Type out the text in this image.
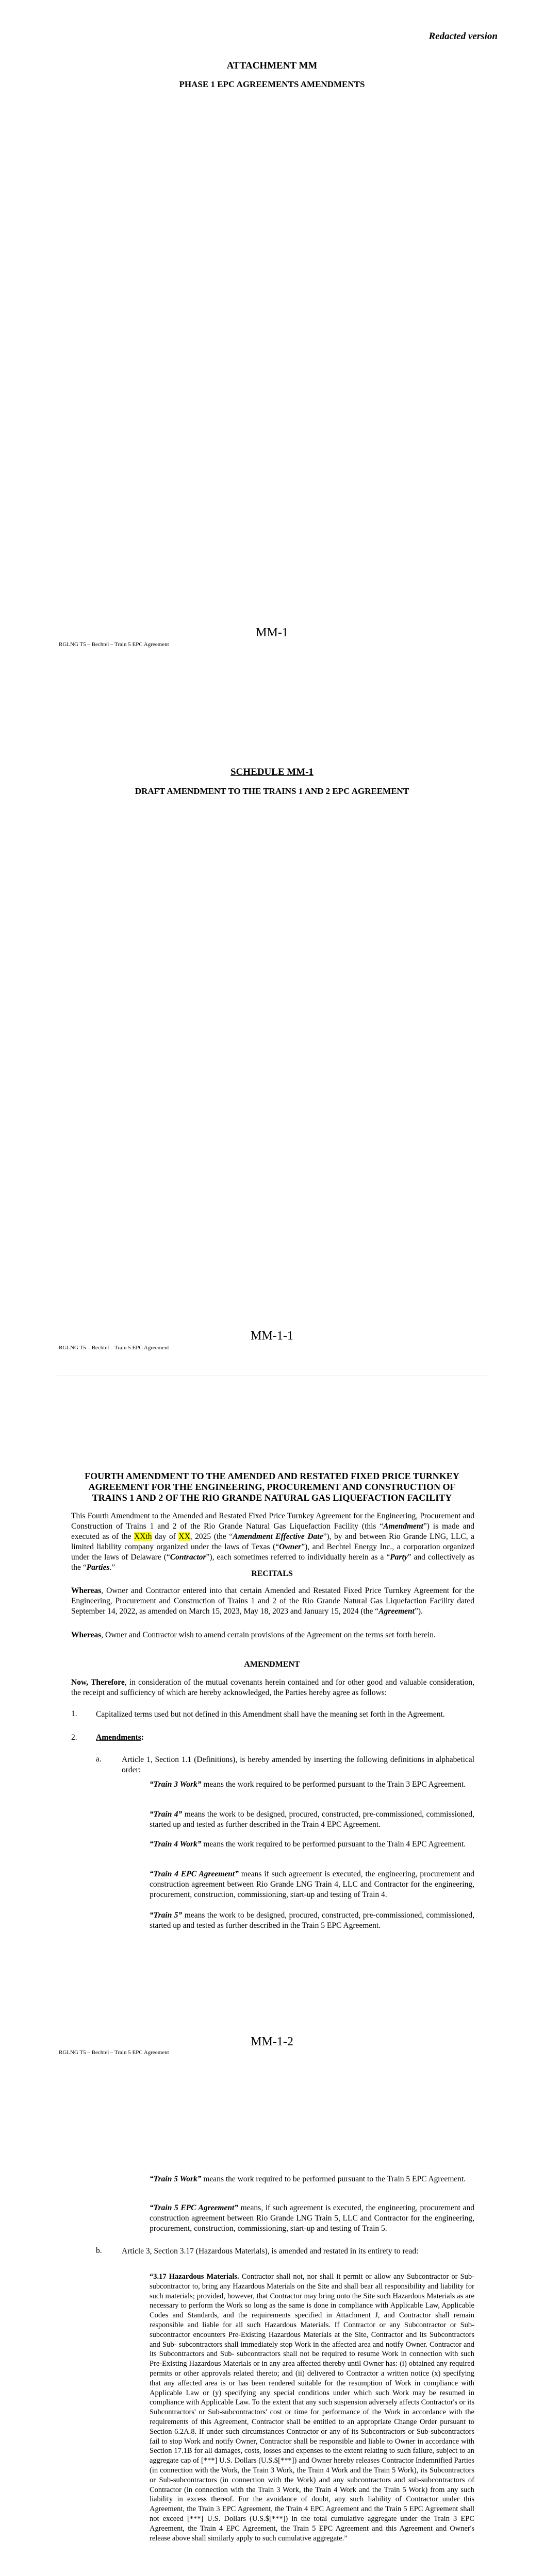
Redacted version
ATTACHMENT MM
PHASE 1 EPC AGREEMENTS AMENDMENTS
MM-1
RGLNG T5 – Bechtel – Train 5 EPC Agreement
SCHEDULE MM-1
DRAFT AMENDMENT TO THE TRAINS 1 AND 2 EPC AGREEMENT
MM-1-1
RGLNG T5 – Bechtel – Train 5 EPC Agreement
FOURTH AMENDMENT TO THE AMENDED AND RESTATED FIXED PRICE TURNKEY
AGREEMENT FOR THE ENGINEERING, PROCUREMENT AND CONSTRUCTION OF
TRAINS 1 AND 2 OF THE RIO GRANDE NATURAL GAS LIQUEFACTION FACILITY
This Fourth Amendment to the Amended and Restated Fixed Price Turnkey Agreement for the Engineering, Procurement and Construction of Trains 1 and 2 of the Rio Grande Natural Gas Liquefaction Facility (this “Amendment”) is made and executed as of the XXth day of XX, 2025 (the “Amendment Effective Date”), by and between Rio Grande LNG, LLC, a limited liability company organized under the laws of Texas (“Owner”), and Bechtel Energy Inc., a corporation organized under the laws of Delaware (“Contractor”), each sometimes referred to individually herein as a “Party” and collectively as the “Parties.”
RECITALS
Whereas, Owner and Contractor entered into that certain Amended and Restated Fixed Price Turnkey Agreement for the Engineering, Procurement and Construction of Trains 1 and 2 of the Rio Grande Natural Gas Liquefaction Facility dated September 14, 2022, as amended on March 15, 2023, May 18, 2023 and January 15, 2024 (the “Agreement”).
Whereas, Owner and Contractor wish to amend certain provisions of the Agreement on the terms set forth herein.
AMENDMENT
Now, Therefore, in consideration of the mutual covenants herein contained and for other good and valuable consideration, the receipt and sufficiency of which are hereby acknowledged, the Parties hereby agree as follows:
1. Capitalized terms used but not defined in this Amendment shall have the meaning set forth in the Agreement.
2. Amendments:
a.	Article 1, Section 1.1 (Definitions), is hereby amended by inserting the following definitions in alphabetical order:
“Train 3 Work” means the work required to be performed pursuant to the Train 3 EPC Agreement.
“Train 4” means the work to be designed, procured, constructed, pre-commissioned, commissioned, started up and tested as further described in the Train 4 EPC Agreement.
“Train 4 Work” means the work required to be performed pursuant to the Train 4 EPC Agreement.
“Train 4 EPC Agreement” means if such agreement is executed, the engineering, procurement and construction agreement between Rio Grande LNG Train 4, LLC and Contractor for the engineering, procurement, construction, commissioning, start-up and testing of Train 4.
“Train 5” means the work to be designed, procured, constructed, pre-commissioned, commissioned, started up and tested as further described in the Train 5 EPC Agreement.
MM-1-2
RGLNG T5 – Bechtel – Train 5 EPC Agreement
“Train 5 Work” means the work required to be performed pursuant to the Train 5 EPC Agreement.
“Train 5 EPC Agreement” means, if such agreement is executed, the engineering, procurement and construction agreement between Rio Grande LNG Train 5, LLC and Contractor for the engineering, procurement, construction, commissioning, start-up and testing of Train 5.
b. Article 3, Section 3.17 (Hazardous Materials), is amended and restated in its entirety to read:
“3.17 Hazardous Materials. Contractor shall not, nor shall it permit or allow any Subcontractor or Sub-subcontractor to, bring any Hazardous Materials on the Site and shall bear all responsibility and liability for such materials; provided, however, that Contractor may bring onto the Site such Hazardous Materials as are necessary to perform the Work so long as the same is done in compliance with Applicable Law, Applicable Codes and Standards, and the requirements specified in Attachment J, and Contractor shall remain responsible and liable for all such Hazardous Materials. If Contractor or any Subcontractor or Sub-subcontractor encounters Pre-Existing Hazardous Materials at the Site, Contractor and its Subcontractors and Sub- subcontractors shall immediately stop Work in the affected area and notify Owner. Contractor and its Subcontractors and Sub- subcontractors shall not be required to resume Work in connection with such Pre-Existing Hazardous Materials or in any area affected thereby until Owner has: (i) obtained any required permits or other approvals related thereto; and (ii) delivered to Contractor a written notice (x) specifying that any affected area is or has been rendered suitable for the resumption of Work in compliance with Applicable Law or (y) specifying any special conditions under which such Work may be resumed in compliance with Applicable Law. To the extent that any such suspension adversely affects Contractor's or its Subcontractors' or Sub-subcontractors' cost or time for performance of the Work in accordance with the requirements of this Agreement, Contractor shall be entitled to an appropriate Change Order pursuant to Section 6.2A.8. If under such circumstances Contractor or any of its Subcontractors or Sub-subcontractors fail to stop Work and notify Owner, Contractor shall be responsible and liable to Owner in accordance with Section 17.1B for all damages, costs, losses and expenses to the extent relating to such failure, subject to an aggregate cap of [***] U.S. Dollars (U.S.$[***]) and Owner hereby releases Contractor Indemnified Parties (in connection with the Work, the Train 3 Work, the Train 4 Work and the Train 5 Work), its Subcontractors or Sub-subcontractors (in connection with the Work) and any subcontractors and sub-subcontractors of Contractor (in connection with the Train 3 Work, the Train 4 Work and the Train 5 Work) from any such liability in excess thereof. For the avoidance of doubt, any such liability of Contractor under this Agreement, the Train 3 EPC Agreement, the Train 4 EPC Agreement and the Train 5 EPC Agreement shall not exceed [***] U.S. Dollars (U.S.$[***]) in the total cumulative aggregate under the Train 3 EPC Agreement, the Train 4 EPC Agreement, the Train 5 EPC Agreement and this Agreement and Owner's release above shall similarly apply to such cumulative aggregate.”
